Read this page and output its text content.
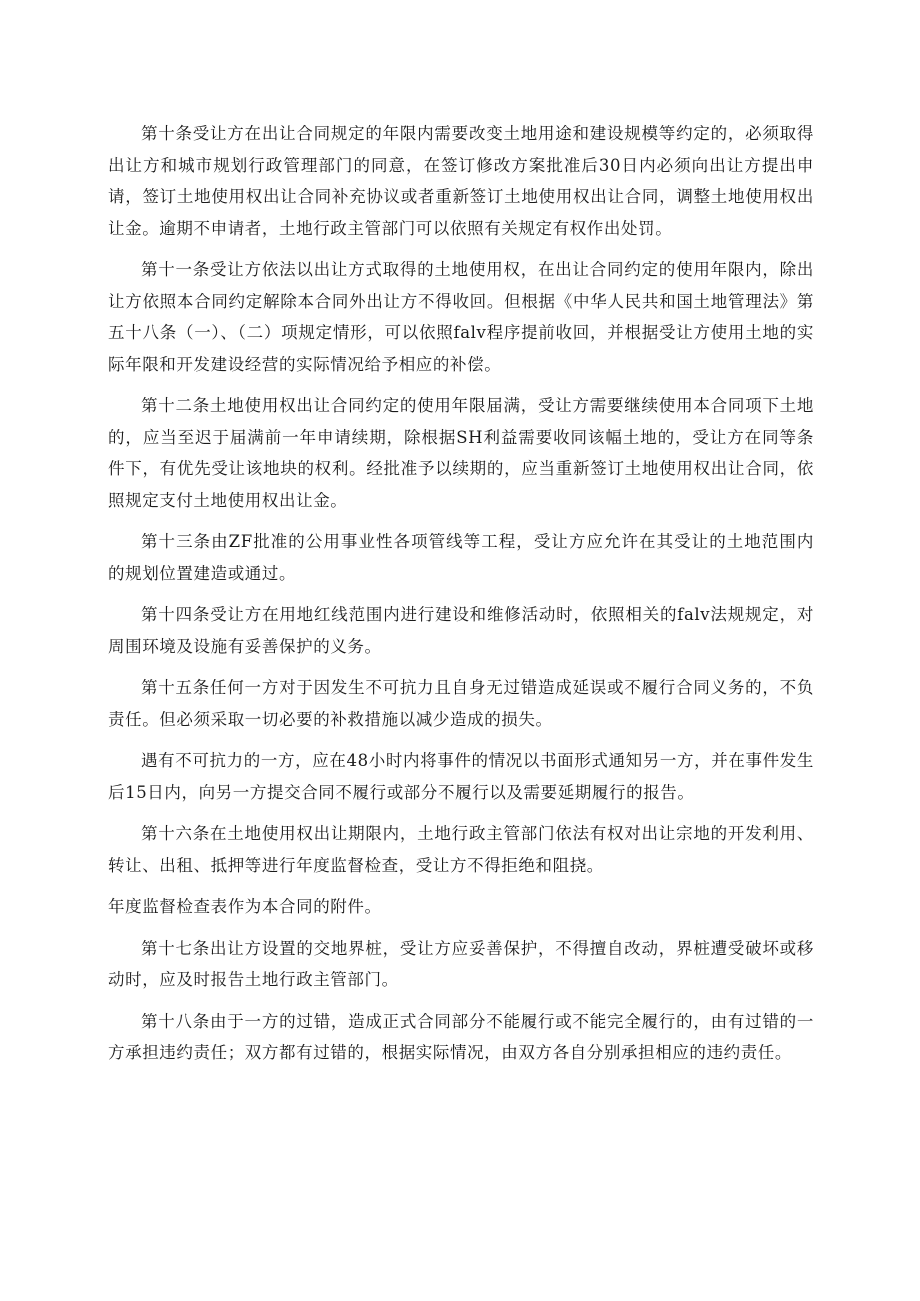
第十条受让方在出让合同规定的年限内需要改变土地用途和建设规模等约定的，必须取得出让方和城市规划行政管理部门的同意，在签订修改方案批准后30日内必须向出让方提出申请，签订土地使用权出让合同补充协议或者重新签订土地使用权出让合同，调整土地使用权出让金。逾期不申请者，土地行政主管部门可以依照有关规定有权作出处罚。

第十一条受让方依法以出让方式取得的土地使用权，在出让合同约定的使用年限内，除出让方依照本合同约定解除本合同外出让方不得收回。但根据《中华人民共和国土地管理法》第五十八条（一）、（二）项规定情形，可以依照falv程序提前收回，并根据受让方使用土地的实际年限和开发建设经营的实际情况给予相应的补偿。

第十二条土地使用权出让合同约定的使用年限届满，受让方需要继续使用本合同项下土地的，应当至迟于届满前一年申请续期，除根据SH利益需要收同该幅土地的，受让方在同等条件下，有优先受让该地块的权利。经批准予以续期的，应当重新签订土地使用权出让合同，依照规定支付土地使用权出让金。

第十三条由ZF批准的公用事业性各项管线等工程，受让方应允许在其受让的土地范围内的规划位置建造或通过。

第十四条受让方在用地红线范围内进行建设和维修活动时，依照相关的falv法规规定，对周围环境及设施有妥善保护的义务。

第十五条任何一方对于因发生不可抗力且自身无过错造成延误或不履行合同义务的，不负责任。但必须采取一切必要的补救措施以减少造成的损失。

遇有不可抗力的一方，应在48小时内将事件的情况以书面形式通知另一方，并在事件发生后15日内，向另一方提交合同不履行或部分不履行以及需要延期履行的报告。

第十六条在土地使用权出让期限内，土地行政主管部门依法有权对出让宗地的开发利用、转让、出租、抵押等进行年度监督检查，受让方不得拒绝和阻挠。

年度监督检查表作为本合同的附件。

第十七条出让方设置的交地界桩，受让方应妥善保护，不得擅自改动，界桩遭受破坏或移动时，应及时报告土地行政主管部门。

第十八条由于一方的过错，造成正式合同部分不能履行或不能完全履行的，由有过错的一方承担违约责任；双方都有过错的，根据实际情况，由双方各自分别承担相应的违约责任。
